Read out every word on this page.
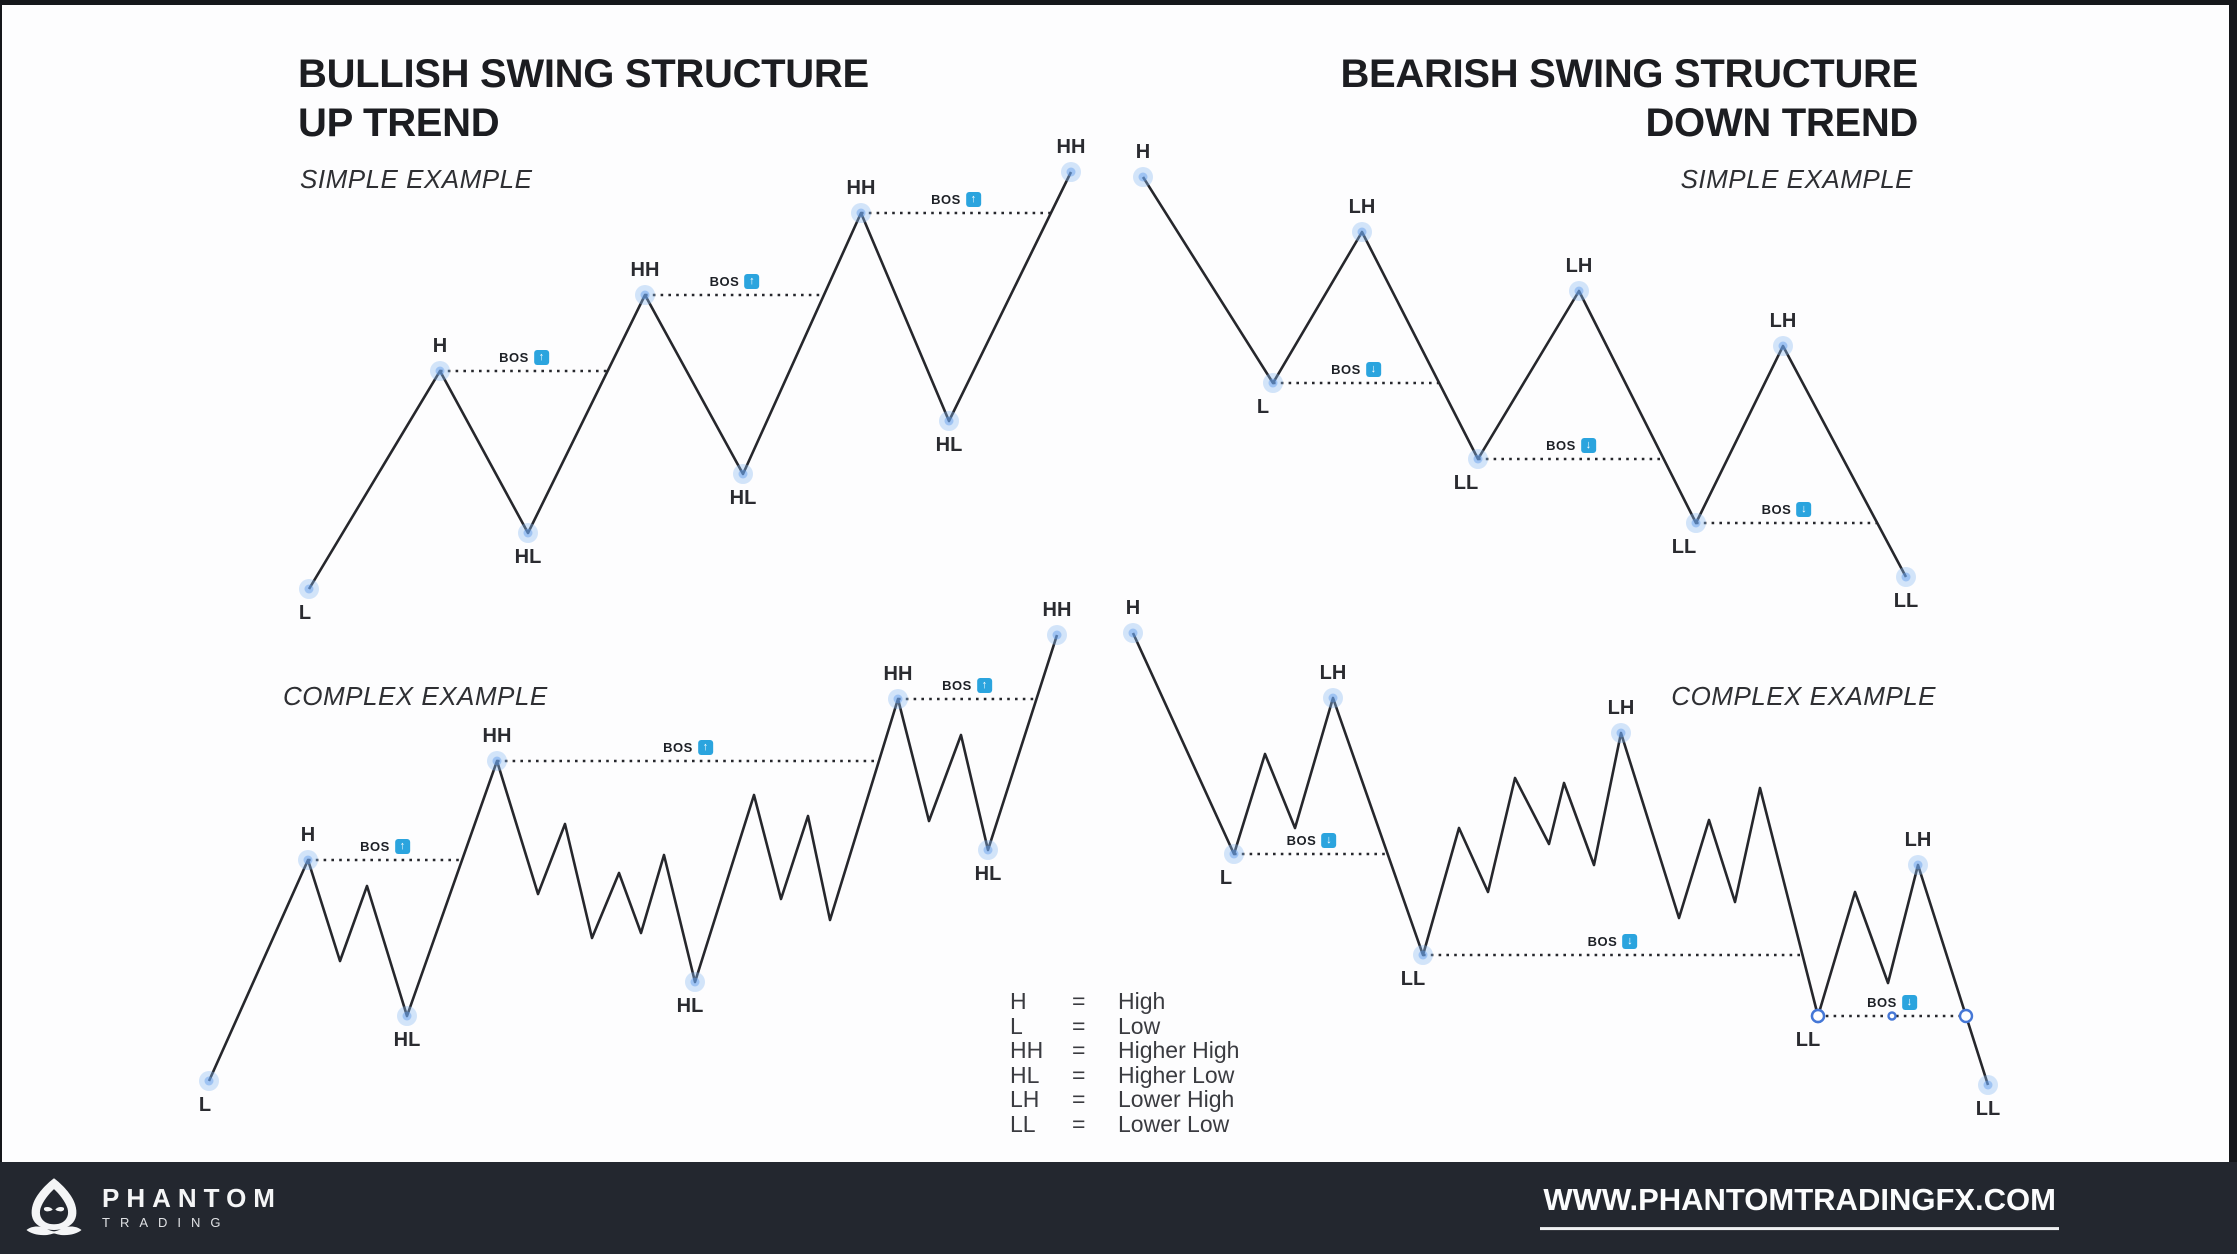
BOS ↑
BOS ↑
BOS ↑
L
H
HL
HH
HL
HH
HL
HH
BOS ↓
BOS ↓
BOS ↓
H
L
LH
LL
LH
LL
LH
LL
BOS ↑
BOS ↑
BOS ↑
L
H
HL
HH
HL
HH
HL
HH
BOS ↓
BOS ↓
BOS ↓
H
L
LH
LL
LH
LL
LH
LL
BULLISH SWING STRUCTURE
UP TREND
BEARISH SWING STRUCTURE
DOWN TREND
SIMPLE EXAMPLE	SIMPLE EXAMPLE
COMPLEX EXAMPLE	COMPLEX EXAMPLE
H	=	High
L	=	Low
HH	=	Higher High
HL	=	Higher Low
LH	=	Lower High
LL	=	Lower Low
PHANTOM
TRADING
WWW.PHANTOMTRADINGFX.COM
